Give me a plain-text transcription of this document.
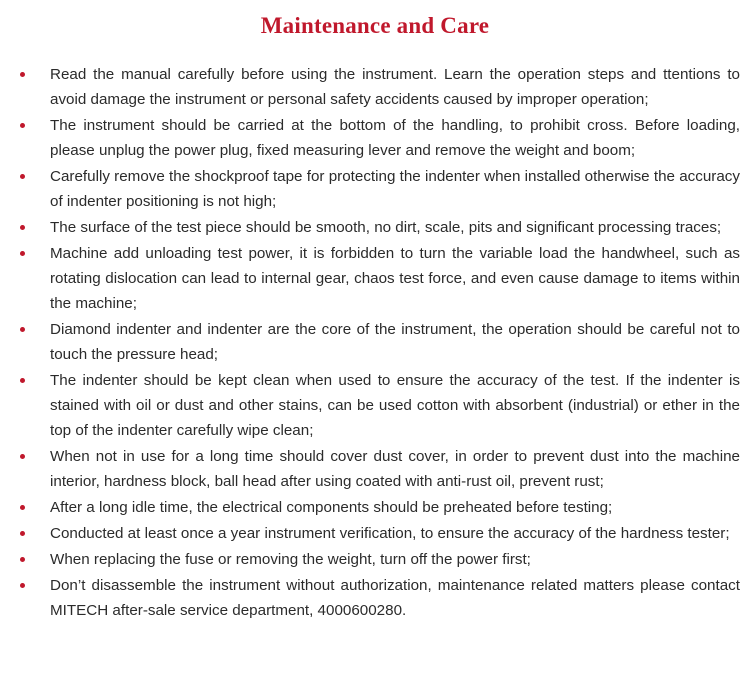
Maintenance and Care
Read the manual carefully before using the instrument. Learn the operation steps and ttentions to avoid damage the instrument or personal safety accidents caused by improper operation;
The instrument should be carried at the bottom of the handling, to prohibit cross. Before loading, please unplug the power plug, fixed measuring lever and remove the weight and boom;
Carefully remove the shockproof tape for protecting the indenter when installed otherwise the accuracy of indenter positioning is not high;
The surface of the test piece should be smooth, no dirt, scale, pits and significant processing traces;
Machine add unloading test power, it is forbidden to turn the variable load the handwheel, such as rotating dislocation can lead to internal gear, chaos test force, and even cause damage to items within the machine;
Diamond indenter and indenter are the core of the instrument, the operation should be careful not to touch the pressure head;
The indenter should be kept clean when used to ensure the accuracy of the test. If the indenter is stained with oil or dust and other stains, can be used cotton with absorbent (industrial) or ether in the top of the indenter carefully wipe clean;
When not in use for a long time should cover dust cover, in order to prevent dust into the machine interior, hardness block, ball head after using coated with anti-rust oil, prevent rust;
After a long idle time, the electrical components should be preheated before testing;
Conducted at least once a year instrument verification, to ensure the accuracy of the hardness tester;
When replacing the fuse or removing the weight, turn off the power first;
Don’t disassemble the instrument without authorization, maintenance related matters please contact MITECH after-sale service department, 4000600280.
